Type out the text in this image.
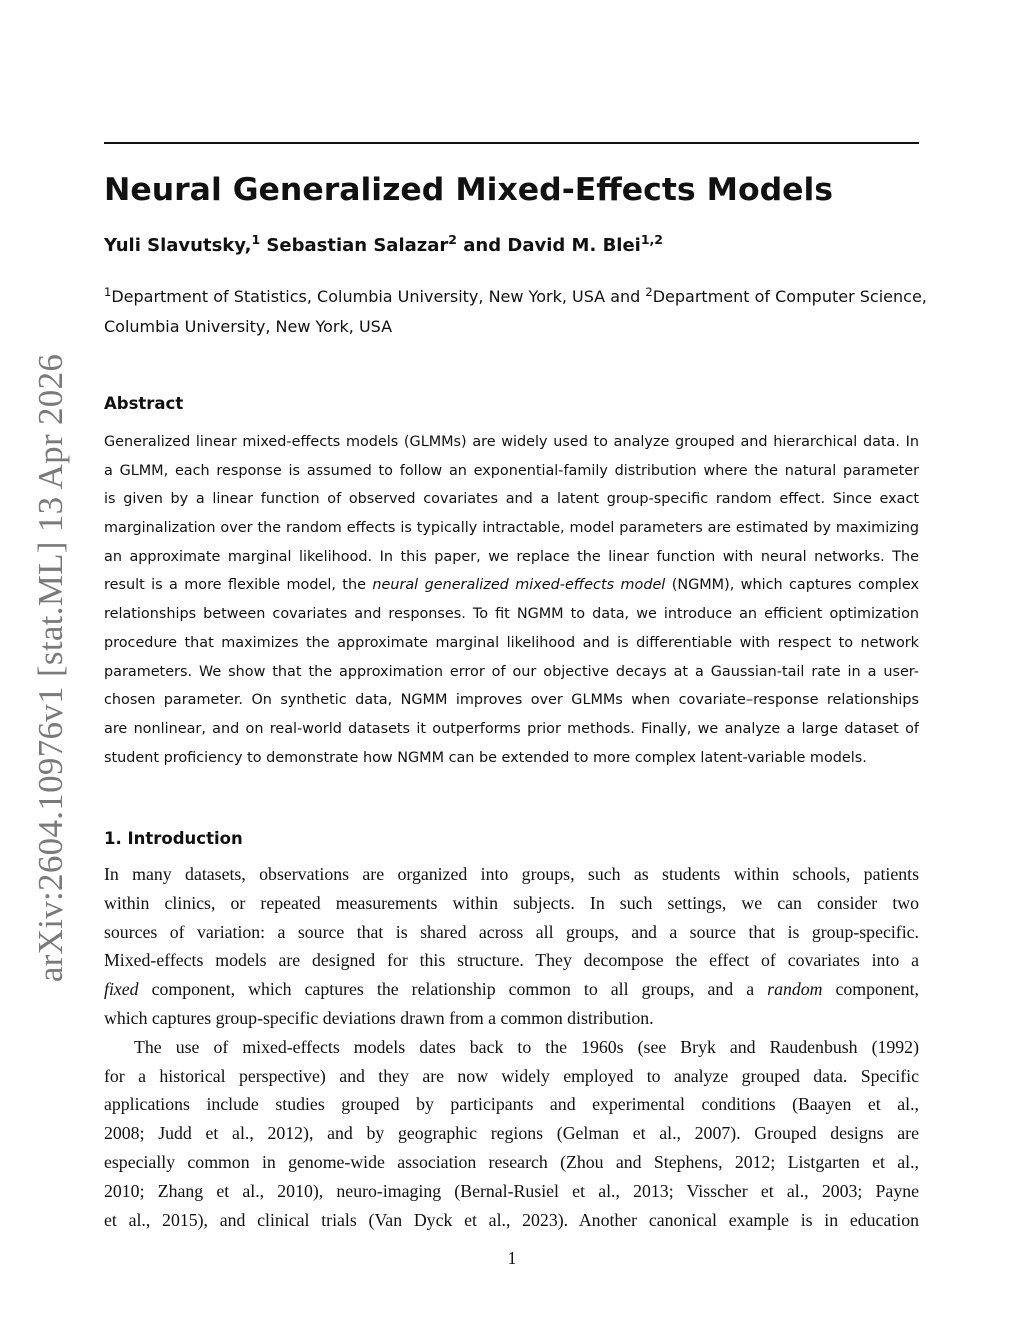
arXiv:2604.10976v1 [stat.ML] 13 Apr 2026
Neural Generalized Mixed-Effects Models
Yuli Slavutsky,$^1$ Sebastian Salazar$^2$ and David M. Blei$^{1,2}$
$^1$Department of Statistics, Columbia University, New York, USA and $^2$Department of Computer Science,
Columbia University, New York, USA
Abstract
Generalized linear mixed-effects models (GLMMs) are widely used to analyze grouped and hierarchical data. In
a GLMM, each response is assumed to follow an exponential-family distribution where the natural parameter
is given by a linear function of observed covariates and a latent group-specific random effect. Since exact
marginalization over the random effects is typically intractable, model parameters are estimated by maximizing
an approximate marginal likelihood. In this paper, we replace the linear function with neural networks. The
result is a more flexible model, the neural generalized mixed-effects model (NGMM), which captures complex
relationships between covariates and responses. To fit NGMM to data, we introduce an efficient optimization
procedure that maximizes the approximate marginal likelihood and is differentiable with respect to network
parameters. We show that the approximation error of our objective decays at a Gaussian-tail rate in a user-
chosen parameter. On synthetic data, NGMM improves over GLMMs when covariate–response relationships
are nonlinear, and on real-world datasets it outperforms prior methods. Finally, we analyze a large dataset of
student proficiency to demonstrate how NGMM can be extended to more complex latent-variable models.
1. Introduction
In many datasets, observations are organized into groups, such as students within schools, patients
within clinics, or repeated measurements within subjects. In such settings, we can consider two
sources of variation: a source that is shared across all groups, and a source that is group-specific.
Mixed-effects models are designed for this structure. They decompose the effect of covariates into a
fixed component, which captures the relationship common to all groups, and a random component,
which captures group-specific deviations drawn from a common distribution.
The use of mixed-effects models dates back to the 1960s (see Bryk and Raudenbush (1992)
for a historical perspective) and they are now widely employed to analyze grouped data. Specific
applications include studies grouped by participants and experimental conditions (Baayen et al.,
2008; Judd et al., 2012), and by geographic regions (Gelman et al., 2007). Grouped designs are
especially common in genome-wide association research (Zhou and Stephens, 2012; Listgarten et al.,
2010; Zhang et al., 2010), neuro-imaging (Bernal-Rusiel et al., 2013; Visscher et al., 2003; Payne
et al., 2015), and clinical trials (Van Dyck et al., 2023). Another canonical example is in education
1
